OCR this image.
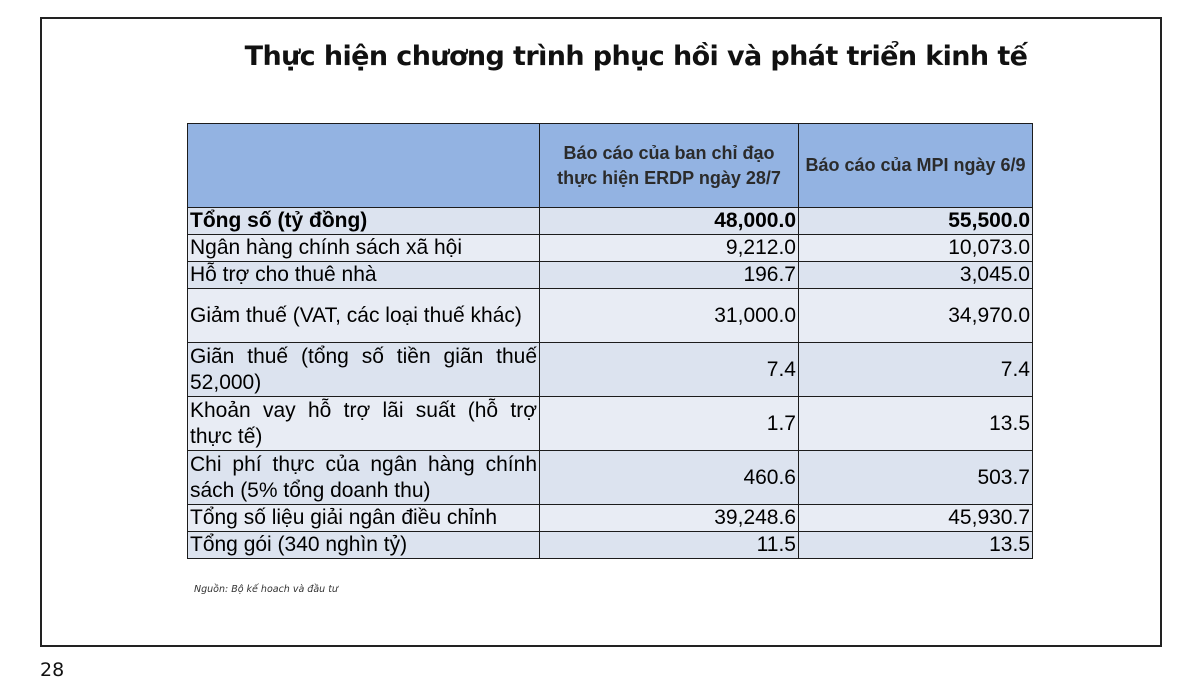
Thực hiện chương trình phục hồi và phát triển kinh tế
	Báo cáo của ban chỉ đạo thực hiện ERDP ngày 28/7	Báo cáo của MPI ngày 6/9
Tổng số (tỷ đồng)	48,000.0	55,500.0
Ngân hàng chính sách xã hội	9,212.0	10,073.0
Hỗ trợ cho thuê nhà	196.7	3,045.0
Giảm thuế (VAT, các loại thuế khác)	31,000.0	34,970.0
Giãn thuế (tổng số tiền giãn thuế 52,000)	7.4	7.4
Khoản vay hỗ trợ lãi suất (hỗ trợ thực tế)	1.7	13.5
Chi phí thực của ngân hàng chính sách (5% tổng doanh thu)	460.6	503.7
Tổng số liệu giải ngân điều chỉnh	39,248.6	45,930.7
Tổng gói (340 nghìn tỷ)	11.5	13.5
Nguồn: Bộ kế hoach và đầu tư
28
